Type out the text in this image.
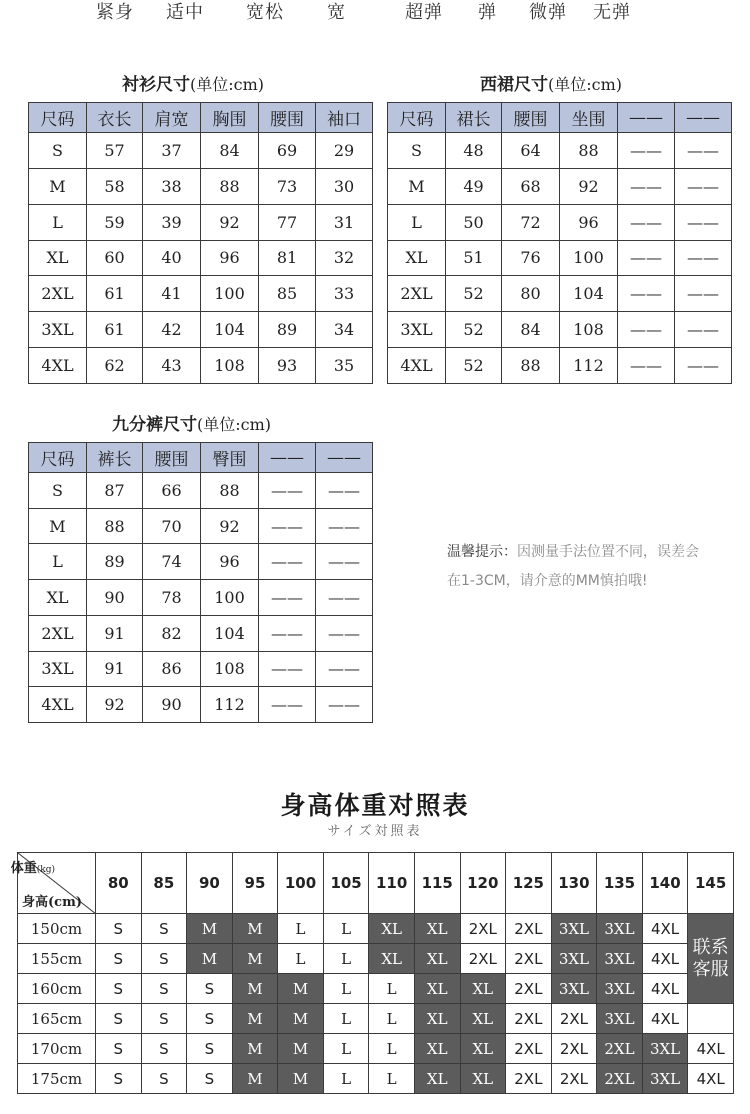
紧身 适中 宽松 宽	超弹 弹 微弹 无弹
衬衫尺寸(单位:cm)
尺码	衣长	肩宽	胸围	腰围	袖口
S	57	37	84	69	29
M	58	38	88	73	30
L	59	39	92	77	31
XL	60	40	96	81	32
2XL	61	41	100	85	33
3XL	61	42	104	89	34
4XL	62	43	108	93	35
西裙尺寸(单位:cm)
尺码	裙长	腰围	坐围	——	——
S	48	64	88	——	——
M	49	68	92	——	——
L	50	72	96	——	——
XL	51	76	100	——	——
2XL	52	80	104	——	——
3XL	52	84	108	——	——
4XL	52	88	112	——	——
九分裤尺寸(单位:cm)
尺码	裤长	腰围	臀围	——	——
S	87	66	88	——	——
M	88	70	92	——	——
L	89	74	96	——	——
XL	90	78	100	——	——
2XL	91	82	104	——	——
3XL	91	86	108	——	——
4XL	92	90	112	——	——
温馨提示：因测量手法位置不同，误差会在1-3CM，请介意的MM慎拍哦!
身高体重对照表
サイズ対照表
体重(kg)
身高(cm)	80	85	90	95	100	105	110	115	120	125	130	135	140	145
150cm	S	S	M	M	L	L	XL	XL	2XL	2XL	3XL	3XL	4XL	联系
客服
155cm	S	S	M	M	L	L	XL	XL	2XL	2XL	3XL	3XL	4XL	
160cm	S	S	S	M	M	L	L	XL	XL	2XL	3XL	3XL	4XL	
165cm	S	S	S	M	M	L	L	XL	XL	2XL	2XL	3XL	4XL	
170cm	S	S	S	M	M	L	L	XL	XL	2XL	2XL	2XL	3XL	4XL
175cm	S	S	S	M	M	L	L	XL	XL	2XL	2XL	2XL	3XL	4XL
